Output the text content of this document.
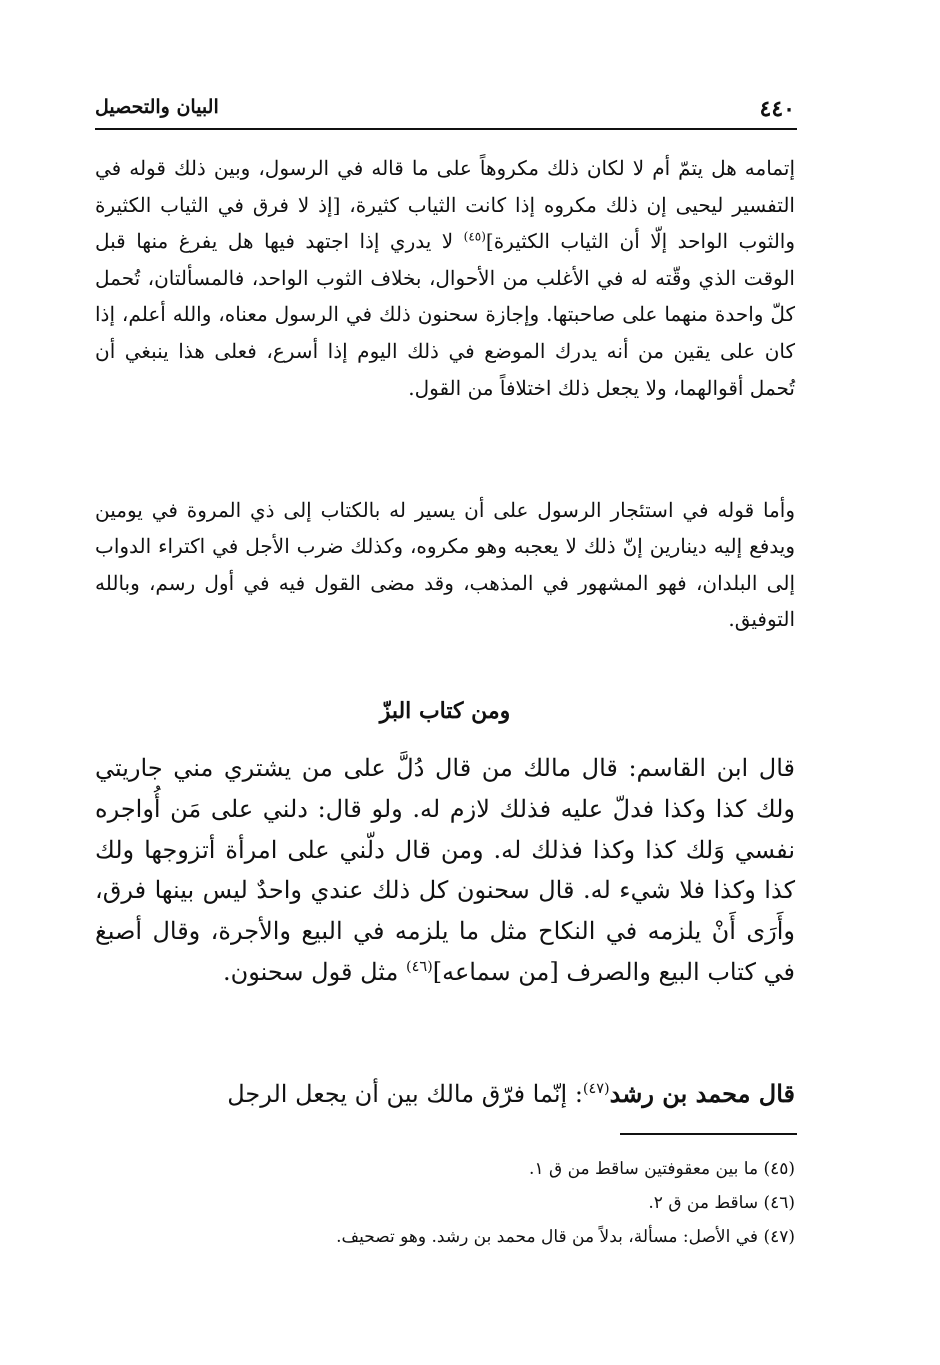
٤٤٠
البيان والتحصيل
إتمامه هل يتمّ أم لا لكان ذلك مكروهاً على ما قاله في الرسول، وبين ذلك قوله في التفسير ليحيى إن ذلك مكروه إذا كانت الثياب كثيرة، [إذ لا فرق في الثياب الكثيرة والثوب الواحد إلّا أن الثياب الكثيرة]$^{(٤٥)}$ لا يدري إذا اجتهد فيها هل يفرغ منها قبل الوقت الذي وقّته له في الأغلب من الأحوال، بخلاف الثوب الواحد، فالمسألتان، تُحمل كلّ واحدة منهما على صاحبتها. وإجازة سحنون ذلك في الرسول معناه، والله أعلم، إذا كان على يقين من أنه يدرك الموضع في ذلك اليوم إذا أسرع، فعلى هذا ينبغي أن تُحمل أقوالهما، ولا يجعل ذلك اختلافاً من القول.
وأما قوله في استئجار الرسول على أن يسير له بالكتاب إلى ذي المروة في يومين ويدفع إليه دينارين إنّ ذلك لا يعجبه وهو مكروه، وكذلك ضرب الأجل في اكتراء الدواب إلى البلدان، فهو المشهور في المذهب، وقد مضى القول فيه في أول رسم، وبالله التوفيق.
ومن كتاب البزّ
قال ابن القاسم: قال مالك من قال دُلَّ على من يشتري مني جاريتي ولك كذا وكذا فدلّ عليه فذلك لازم له. ولو قال: دلني على مَن أُواجره نفسي وَلك كذا وكذا فذلك له. ومن قال دلّني على امرأة أتزوجها ولك كذا وكذا فلا شيء له. قال سحنون كل ذلك عندي واحدٌ ليس بينها فرق، وأَرَى أَنْ يلزمه في النكاح مثل ما يلزمه في البيع والأجرة، وقال أصبغ في كتاب البيع والصرف [من سماعه]$^{(٤٦)}$ مثل قول سحنون.
قال محمد بن رشد$^{(٤٧)}$: إنّما فرّق مالك بين أن يجعل الرجل
(٤٥) ما بين معقوفتين ساقط من ق ١.
(٤٦) ساقط من ق ٢.
(٤٧) في الأصل: مسألة، بدلاً من قال محمد بن رشد. وهو تصحيف.
